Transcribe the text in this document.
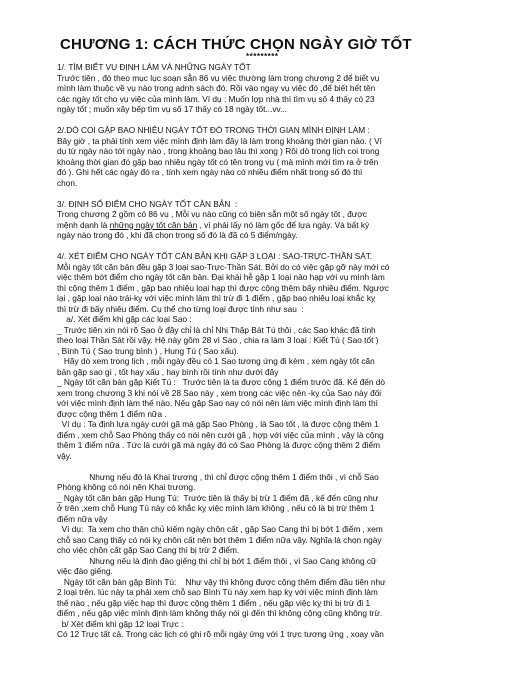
CHƯƠNG 1: CÁCH THỨC CHỌN NGÀY GIỜ TỐT
*********
1/. TÌM BIẾT VỤ ĐỊNH LÀM VÀ NHỮNG NGÀY TỐT
Trước tiên , đò theo mục lục soạn sẵn 86 vụ việc thường làm trong chương 2 để biết vụ
mình làm thuộc về vụ nào trong adnh sách đó. Rồi vào ngay vụ việc đó ,để biết hết tên
các ngày tốt cho vụ việc của mình làm. Ví dụ : Muốn lợp nhà thì tìm vụ số 4 thấy có 23
ngày tốt ; muốn xây bếp tìm vụ số 17 thấy có 18 ngày tốt...vv...
2/.DÒ COI GẶP BAO NHIÊU NGÀY TỐT ĐÓ TRONG THỜI GIAN MÌNH ĐỊNH LÀM :
Bây giờ , ta phải tính xem việc mình định làm đây là làm trong khoảng thời gian nào. ( Ví
dụ từ ngày nào tới ngày nào , trong khoảng bao lâu thì xong ) Rồi dò trong lịch coi trong
khoảng thời gian đó gặp bao nhiêu ngày tốt có tên trong vụ ( mà mình mới tìm ra ở trên
đó ). Ghi hết các ngày đó ra , tính xem ngày nào có nhiều điểm nhất trong số đó thì
chọn.
3/. ĐỊNH SỐ ĐIỂM CHO NGÀY TỐT CĂN BẢN  :
Trong chương 2 gồm có 86 vụ , Mỗi vụ nào cũng có biên sẵn một số ngày tốt , được
mệnh danh là những ngày tốt căn bản , vì phải lấy nó làm gốc để lựa ngày. Và bất kỳ
ngày nào trong đó , khi đã chọn trong số đó là đã có 5 điểm/ngày.
4/. XÉT ĐIỂM CHO NGÀY TỐT CĂN BẢN KHI GẶP 3 LOẠI : SAO-TRỰC-THẦN SÁT.
Mỗi ngày tốt căn bản đều gặp 3 loại sao-Trực-Thần Sát. Bởi do có việc gặp gỡ này mới có
việc thêm bớt điểm cho ngày tốt căn bản. Đại khái hễ gặp 1 loại nào hạp với vụ mình làm
thì cộng thêm 1 điểm , gặp bao nhiêu loại hạp thì được cộng thêm bấy nhiêu điểm. Ngược
lại , gặp loại nào trái-kỵ với việc mình làm thì trừ đi 1 điểm , gặp bao nhiêu loại khắc kỵ
thì trừ đi bấy nhiêu điểm. Cụ thể cho từng loại được tính như sau  :
a/. Xét điểm khi gặp các loại Sao :
_ Trước tiên xin nói rõ Sao ở đây chỉ là chỉ Nhị Thập Bát Tú thôi , các Sao khác đã tính
theo loại Thần Sát rồi vậy. Hệ này gồm 28 vì Sao , chia ra làm 3 loại : Kiết Tú ( Sao tốt )
, Bình Tú ( Sao trung bình ) , Hung Tú ( Sao xấu).
Hãy dò xem trong lịch , mỗi ngày đều có 1 Sao tương ứng đi kèm , xem ngày tốt căn
bản gặp sao gì , tốt hay xấu , hay bình rồi tính như dưới đây
_ Ngày tốt căn bản gặp Kiết Tú :   Trước tiên là ta được cộng 1 điểm trước đã. Kế đến dò
xem trong chương 3 khi nói về 28 Sao này , xem trong các việc nên -kỵ của Sao này đối
với việc mình định làm thế nào. Nếu gặp Sao nay có nói nên làm việc mình định làm thì
được cộng thêm 1 điểm nữa .
Ví dụ : Ta định lựa ngày cưới gã mà gặp Sao Phòng , là Sao tốt , là được cộng thêm 1
điểm , xem chỗ Sao Phòng thấy có nói nên cưới gã , hợp với việc của mình , vậy là cộng
thêm 1 điểm nữa . Tức là cưới gã mà ngày đó có Sao Phòng là được cộng thêm 2 điểm
vậy.
Nhưng nếu đó là Khai trương , thì chỉ được cộng thêm 1 điểm thôi , vì chỗ Sao
Phòng không có nói nên Khai trương.
_ Ngày tốt căn bản gặp Hung Tú:  Trước tiên là thấy bị trừ 1 điểm đã , kế đến cũng như
ở trên ,xem chỗ Hung Tú này có khắc kỵ việc mình làm không , nếu có là bị trừ thêm 1
điểm nữa vậy
Ví dụ:  Ta xem cho thân chủ kiếm ngày chôn cất , gặp Sao Cang thì bị bớt 1 điểm , xem
chỗ sao Cang thấy có nói kỵ chôn cất nên bớt thêm 1 điểm nữa vậy. Nghĩa là chọn ngày
cho việc chôn cất gặp Sao Cang thì bị trừ 2 điểm.
Nhưng nếu là định đào giếng thì chỉ bị bớt 1 điểm thôi , vì Sao Cang không cữ
việc đào giếng.
Ngày tốt căn bản gặp Bình Tú:    Như vậy thì không được cộng thêm điểm đầu tiên như
2 loại trên. lúc này ta phải xem chỗ sao Bình Tú này xem hạp kỵ với việc mình định làm
thế nào , nếu gặp việc hạp thì được cộng thêm 1 điểm , nếu gặp việc kỵ thì bị trừ đi 1
điểm , nếu gặp việc mình định làm không thấy nói gì đến thì không cộng cũng không trừ.
b/ Xét điểm khi gặp 12 loại Trực :
Có 12 Trực tất cả. Trong các lịch có ghi rõ mỗi ngày ứng với 1 trực tương ứng , xoay vần
